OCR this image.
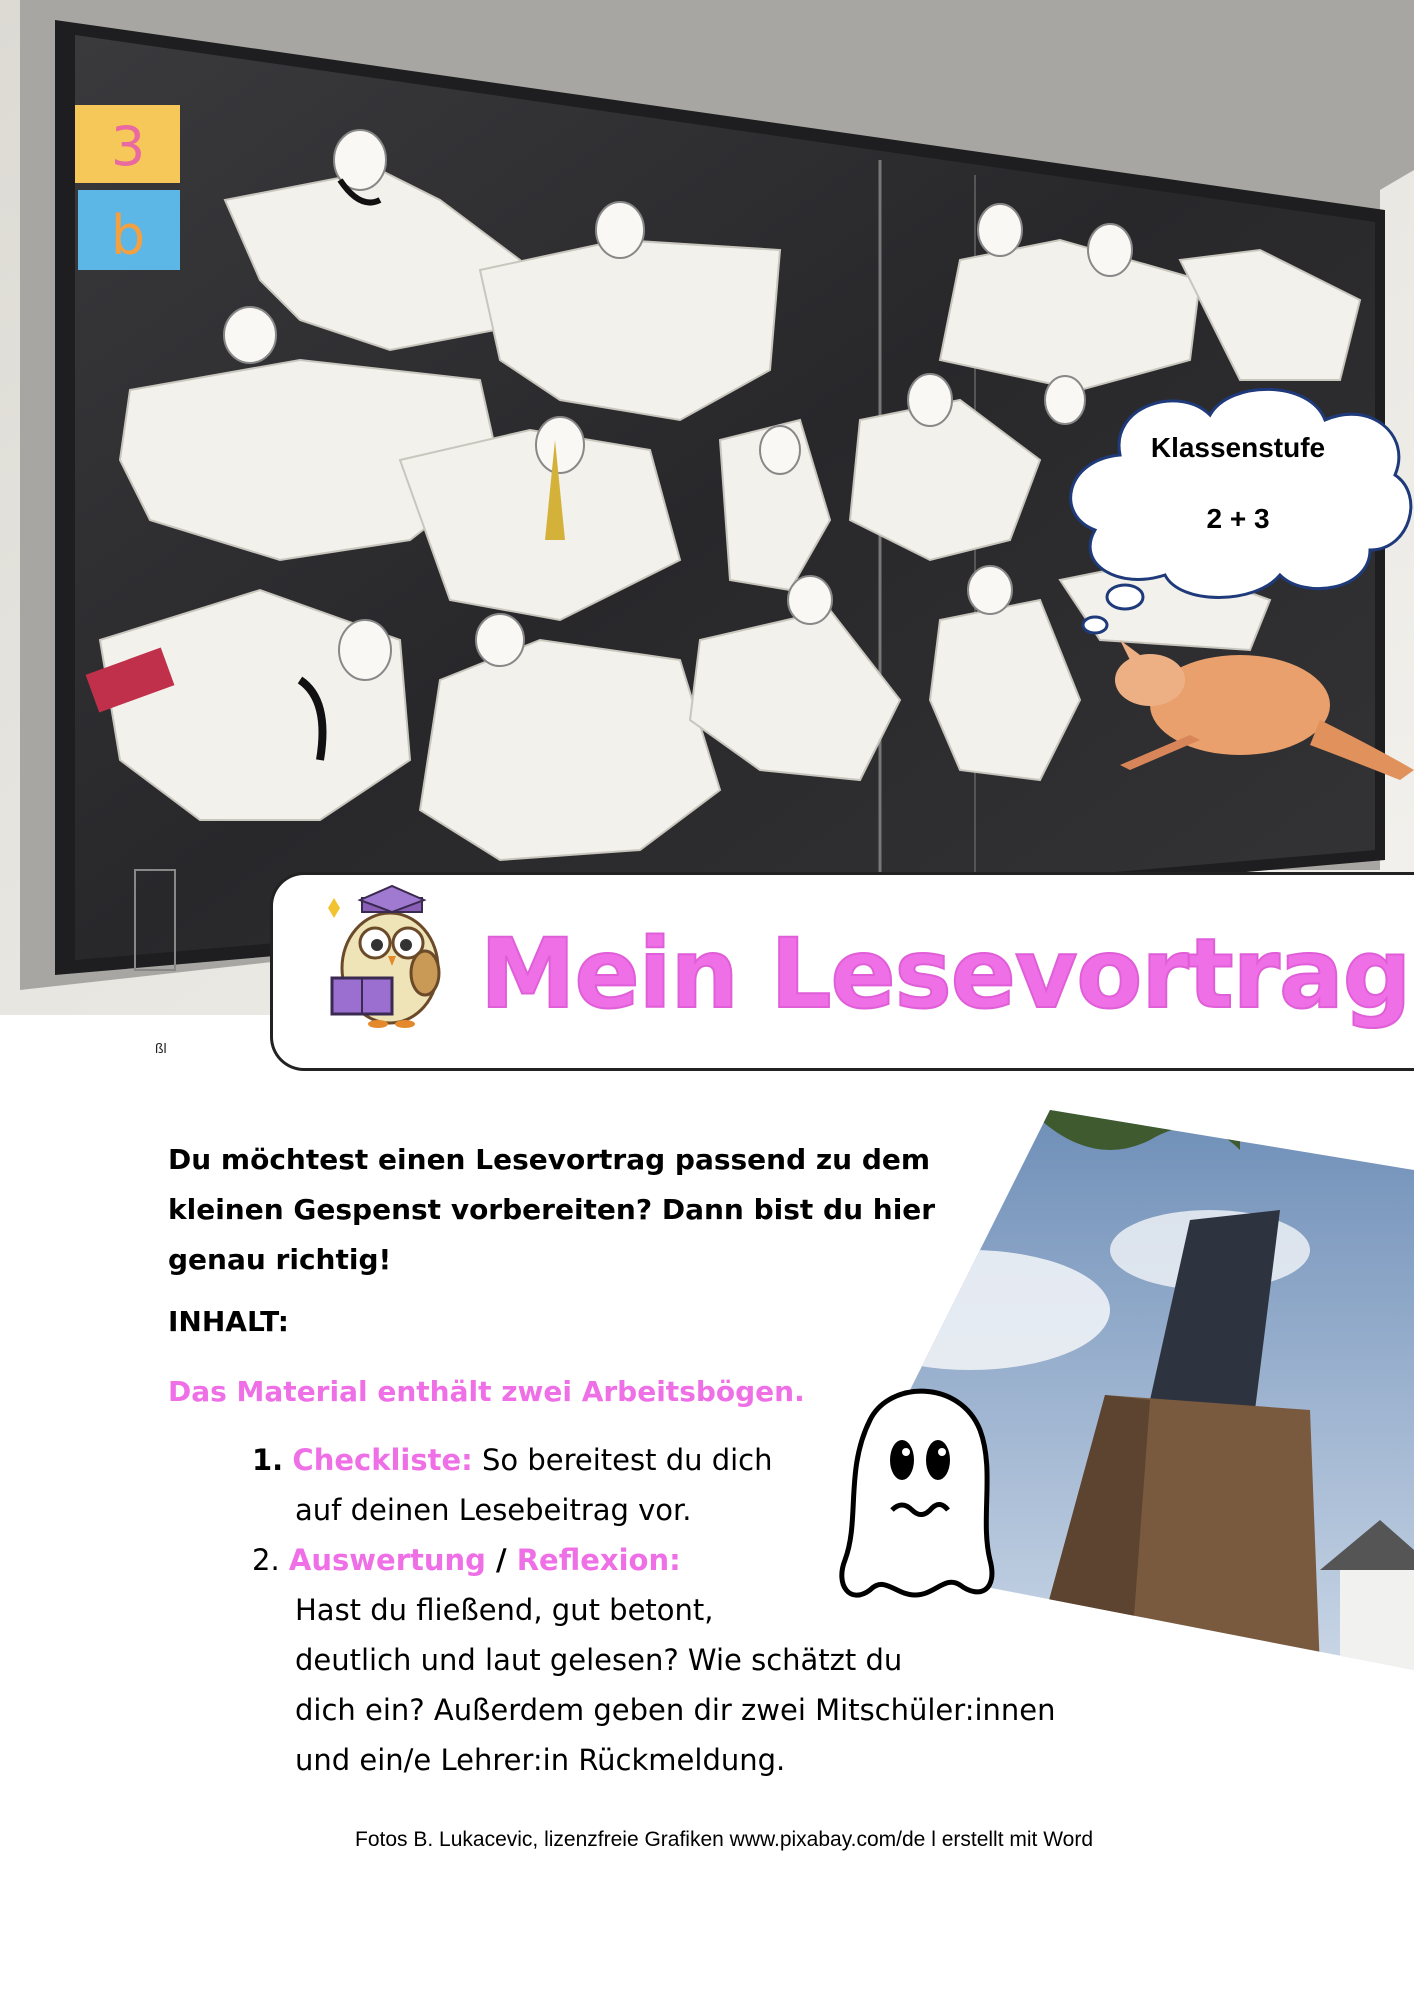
3
b
Klassenstufe
2 + 3
Mein Lesevortrag
ßl
Du möchtest einen Lesevortrag passend zu dem kleinen Gespenst vorbereiten? Dann bist du hier genau richtig!
INHALT:
Das Material enthält zwei Arbeitsbögen.
1. Checkliste: So bereitest du dich
auf deinen Lesebeitrag vor.
2. Auswertung / Reflexion:
Hast du fließend, gut betont,
deutlich und laut gelesen? Wie schätzt du
dich ein? Außerdem geben dir zwei Mitschüler:innen
und ein/e Lehrer:in Rückmeldung.
Fotos B. Lukacevic, lizenzfreie Grafiken www.pixabay.com/de l erstellt mit Word
